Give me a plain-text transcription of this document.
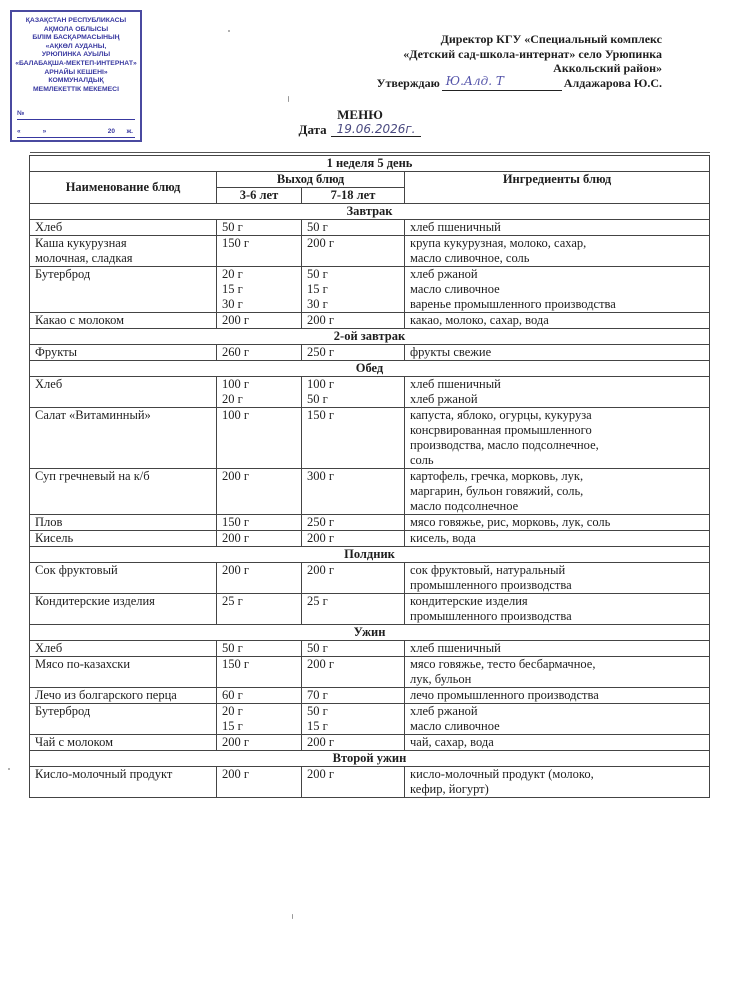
ҚАЗАҚСТАН РЕСПУБЛИКАСЫ
АҚМОЛА ОБЛЫСЫ
БІЛІМ БАСҚАРМАСЫНЫҢ
«АҚКӨЛ АУДАНЫ,
УРЮПИНКА АУЫЛЫ
«БАЛАБАҚША-МЕКТЕП-ИНТЕРНАТ»
АРНАЙЫ КЕШЕНІ»
КОММУНАЛДЫҚ
МЕМЛЕКЕТТІК МЕКЕМЕСІ
№
«	»	20 ж.
Директор КГУ «Специальный комплекс
«Детский сад-школа-интернат» село Урюпинка
Аккольский район»
Утверждаю Ю.Алд. Т	Алдажарова Ю.С.
МЕНЮ
Дата 19.06.2026г.
1 неделя 5 день			
Наименование блюд	Выход блюд		Ингредиенты блюд
	3-6 лет	7-18 лет	
Завтрак			

Хлеб	50 г	50 г	хлеб пшеничный

Каша кукурузная
молочная, сладкая	150 г	200 г	крупа кукурузная, молоко, сахар,
масло сливочное, соль

Бутерброд	20 г
15 г
30 г	50 г
15 г
30 г	хлеб ржаной
масло сливочное
варенье промышленного производства

Какао с молоком	200 г	200 г	какао, молоко, сахар, вода

2-ой завтрак			

Фрукты	260 г	250 г	фрукты свежие

Обед			

Хлеб	100 г
20 г	100 г
50 г	хлеб пшеничный
хлеб ржаной

Салат «Витаминный»	100 г	150 г	капуста, яблоко, огурцы, кукуруза
консрвированная промышленного
производства, масло подсолнечное,
соль

Суп гречневый на к/б	200 г	300 г	картофель, гречка, морковь, лук,
маргарин, бульон говяжий, соль,
масло подсолнечное

Плов	150 г	250 г	мясо говяжье, рис, морковь, лук, соль

Кисель	200 г	200 г	кисель, вода

Полдник			

Сок фруктовый	200 г	200 г	сок фруктовый, натуральный
промышленного производства

Кондитерские изделия	25 г	25 г	кондитерские изделия
промышленного производства

Ужин			

Хлеб	50 г	50 г	хлеб пшеничный

Мясо по-казахски	150 г	200 г	мясо говяжье, тесто бесбармачное,
лук, бульон

Лечо из болгарского перца	60 г	70 г	лечо промышленного производства

Бутерброд	20 г
15 г	50 г
15 г	хлеб ржаной
масло сливочное

Чай с молоком	200 г	200 г	чай, сахар, вода

Второй ужин			

Кисло-молочный продукт	200 г	200 г	кисло-молочный продукт (молоко,
кефир, йогурт)
